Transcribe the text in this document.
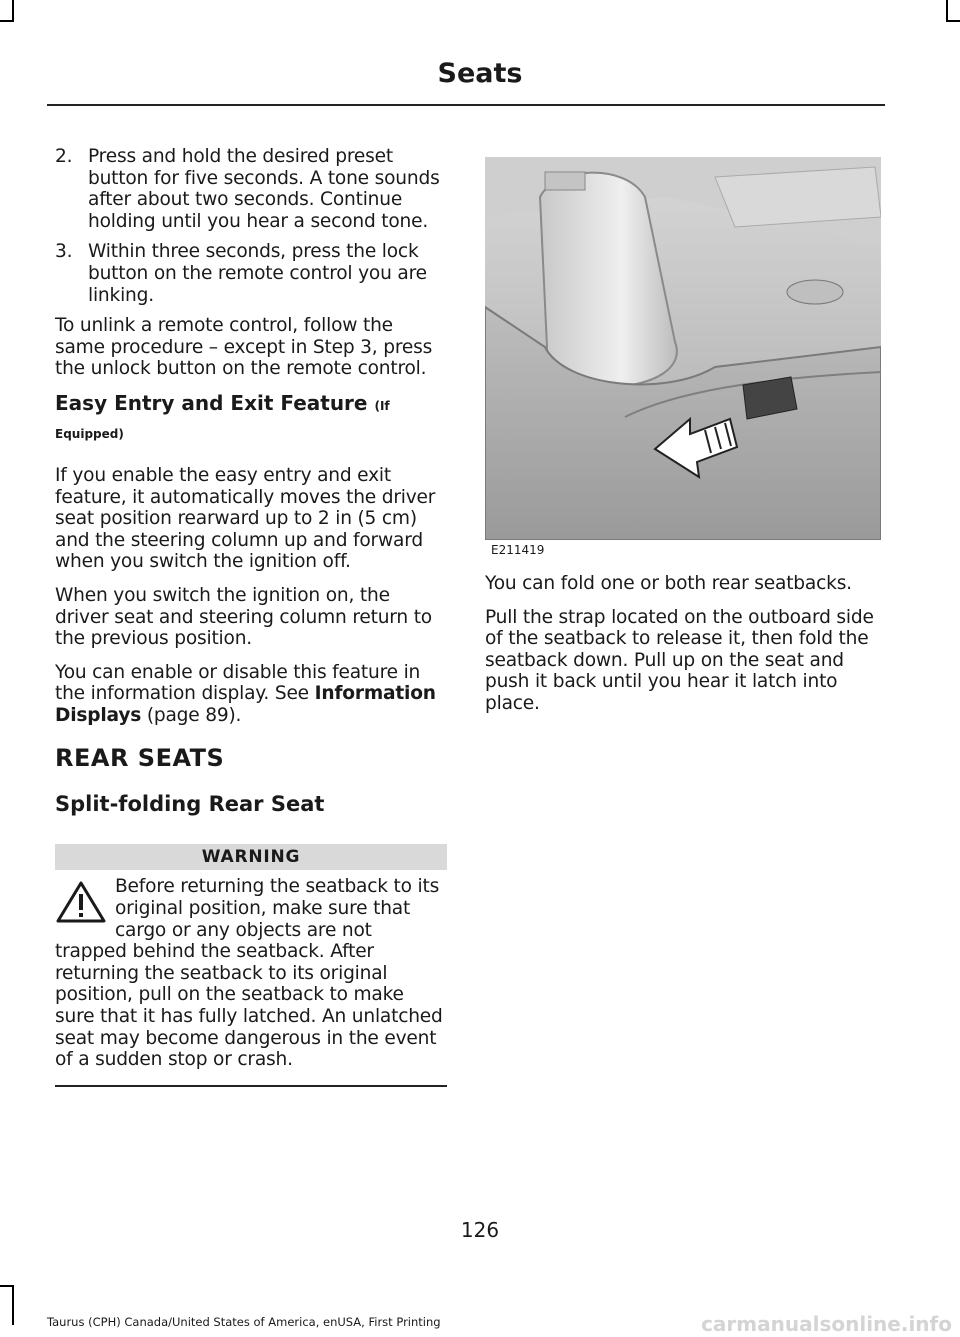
Seats
2. Press and hold the desired preset button for five seconds. A tone sounds after about two seconds. Continue holding until you hear a second tone.
3. Within three seconds, press the lock button on the remote control you are linking.

To unlink a remote control, follow the same procedure – except in Step 3, press the unlock button on the remote control.

Easy Entry and Exit Feature (If
Equipped)

If you enable the easy entry and exit feature, it automatically moves the driver seat position rearward up to 2 in (5 cm) and the steering column up and forward when you switch the ignition off.

When you switch the ignition on, the driver seat and steering column return to the previous position.

You can enable or disable this feature in the information display. See Information Displays (page 89).

REAR SEATS
Split-folding Rear Seat
WARNING
Before returning the seatback to its original position, make sure that cargo or any objects are not trapped behind the seatback. After returning the seatback to its original position, pull on the seatback to make sure that it has fully latched. An unlatched seat may become dangerous in the event of a sudden stop or crash.
E211419

You can fold one or both rear seatbacks.

Pull the strap located on the outboard side of the seatback to release it, then fold the seatback down. Pull up on the seat and push it back until you hear it latch into place.

126
Taurus (CPH) Canada/United States of America, enUSA, First Printing	carmanualsonline.info
